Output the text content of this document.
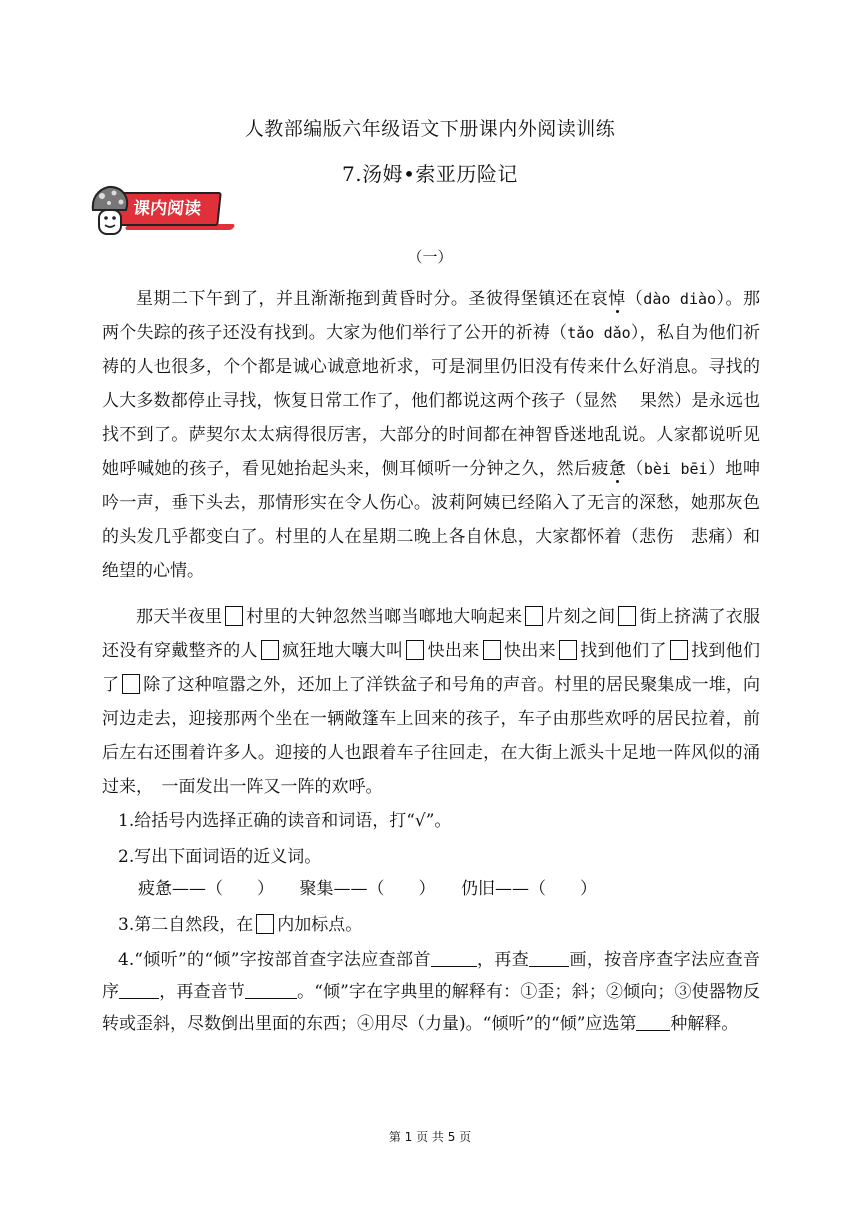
人教部编版六年级语文下册课内外阅读训练
7.汤姆•索亚历险记
课内阅读
（一）

星期二下午到了，并且渐渐拖到黄昏时分。圣彼得堡镇还在哀悼（dào diào）。那两个失踪的孩子还没有找到。大家为他们举行了公开的祈祷（tǎo dǎo），私自为他们祈祷的人也很多，个个都是诚心诚意地祈求，可是洞里仍旧没有传来什么好消息。寻找的人大多数都停止寻找，恢复日常工作了，他们都说这两个孩子（显然　 果然）是永远也找不到了。萨契尔太太病得很厉害，大部分的时间都在神智昏迷地乱说。人家都说听见她呼喊她的孩子，看见她抬起头来，侧耳倾听一分钟之久，然后疲惫（bèi bēi）地呻吟一声，垂下头去，那情形实在令人伤心。波莉阿姨已经陷入了无言的深愁，她那灰色的头发几乎都变白了。村里的人在星期二晚上各自休息，大家都怀着（悲伤　悲痛）和绝望的心情。

那天半夜里 村里的大钟忽然当啷当啷地大响起来 片刻之间 街上挤满了衣服还没有穿戴整齐的人 疯狂地大嚷大叫 快出来 快出来 找到他们了 找到他们了 除了这种喧嚣之外，还加上了洋铁盆子和号角的声音。村里的居民聚集成一堆，向河边走去，迎接那两个坐在一辆敞篷车上回来的孩子，车子由那些欢呼的居民拉着，前后左右还围着许多人。迎接的人也跟着车子往回走，在大街上派头十足地一阵风似的涌过来，　一面发出一阵又一阵的欢呼。

1.给括号内选择正确的读音和词语，打“√”。

2.写出下面词语的近义词。

疲惫——（　　）　　聚集——（　　）　　仍旧——（　　）

3.第二自然段，在 内加标点。

4.“倾听”的“倾”字按部首查字法应查部首	，再查 画，按音序查字法应查音序 ，再查音节	。“倾”字在字典里的解释有：①歪；斜；②倾向；③使器物反转或歪斜，尽数倒出里面的东西；④用尽（力量)。“倾听”的“倾”应选第 种解释。

第 1 页 共 5 页
